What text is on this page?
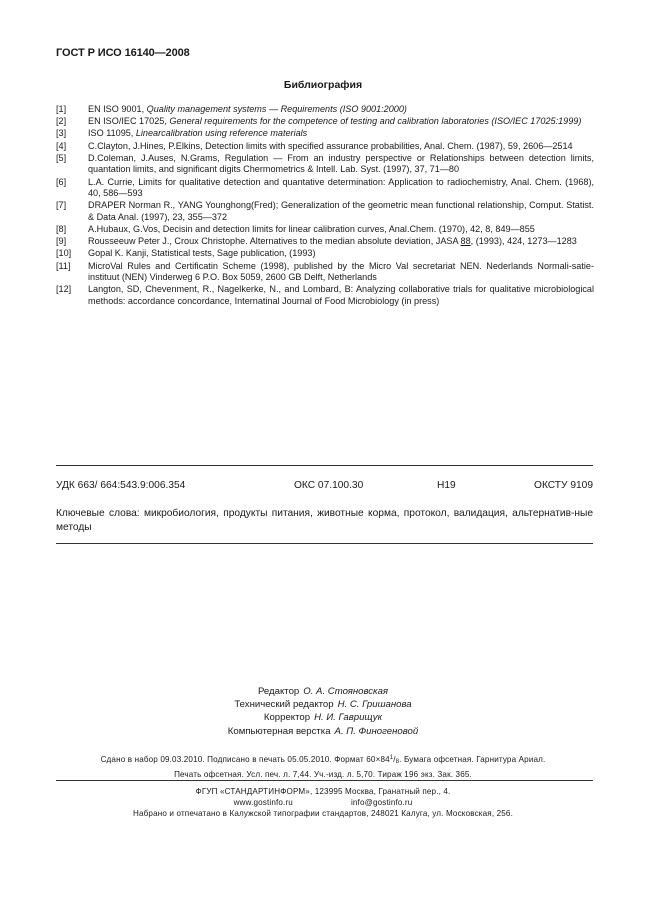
ГОСТ Р ИСО 16140—2008
Библиография
[1]	EN ISO 9001, Quality management systems — Requirements (ISO 9001:2000)
[2]	EN ISO/IEC 17025, General requirements for the competence of testing and calibration laboratories (ISO/IEC 17025:1999)
[3]	ISO 11095, Linearcalibration using reference materials
[4]	C.Clayton, J.Hines, P.Elkins, Detection limits with specified assurance probabilities, Anal. Chem. (1987), 59, 2606—2514
[5]	D.Coleman, J.Auses, N.Grams, Regulation — From an industry perspective or Relationships between detection limits, quantation limits, and significant digits Chermometrics & Intell. Lab. Syst. (1997), 37, 71—80
[6]	L.A. Currie, Limits for qualitative detection and quantative determination: Application to radiochemistry, Anal. Chem. (1968), 40, 586—593
[7]	DRAPER Norman R., YANG Younghong(Fred); Generalization of the geometric mean functional relationship, Comput. Statist. & Data Anal. (1997), 23, 355—372
[8]	A.Hubaux, G.Vos, Decisin and detection limits for linear calibration curves, Anal.Chem. (1970), 42, 8, 849—855
[9]	Rousseeuw Peter J., Croux Christophe. Alternatives to the median absolute deviation, JASA 88, (1993), 424, 1273—1283
[10]	Gopal K. Kanji, Statistical tests, Sage publication, (1993)
[11]	MicroVal Rules and Certificatin Scheme (1998), published by the Micro Val secretariat NEN. Nederlands Normali-satie-instituut (NEN) Vinderweg 6 P.O. Box 5059, 2600 GB Delft, Netherlands
[12]	Langton, SD, Chevenment, R., Nagelkerke, N., and Lombard, B: Analyzing collaborative trials for qualitative microbiological methods: accordance concordance, Internatinal Journal of Food Microbiology (in press)
УДК 663/ 664:543.9:006.354	ОКС 07.100.30	Н19	ОКСТУ 9109
Ключевые слова: микробиология, продукты питания, животные корма, протокол, валидация, альтернатив-ные методы
Редактор О. А. Стояновская
Технический редактор Н. С. Гришанова
Корректор Н. И. Гаврищук
Компьютерная верстка А. П. Финогеновой
Сдано в набор 09.03.2010. Подписано в печать 05.05.2010. Формат $60\times 84^1/_8$. Бумага офсетная. Гарнитура Ариал.
Печать офсетная. Усл. печ. л. 7,44. Уч.-изд. л. 5,70. Тираж 196 экз. Зак. 365.
ФГУП «СТАНДАРТИНФОРМ», 123995 Москва, Гранатный пер., 4.
www.gostinfo.ru	info@gostinfo.ru
Набрано и отпечатано в Калужской типографии стандартов, 248021 Калуга, ул. Московская, 256.
